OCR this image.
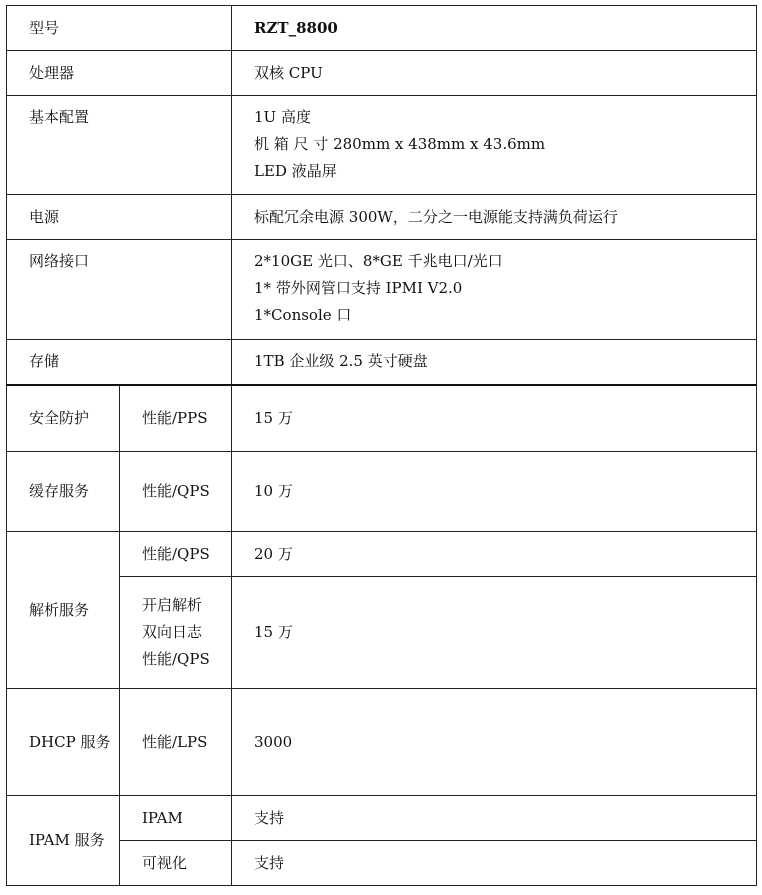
型号		RZT_8800
处理器		双核 CPU
基本配置		1U 高度
机 箱 尺 寸 280mm x 438mm x 43.6mm
LED 液晶屏

电源		标配冗余电源 300W，二分之一电源能支持满负荷运行
网络接口		2*10GE 光口、8*GE 千兆电口/光口
1* 带外网管口支持 IPMI V2.0
1*Console 口

存储		1TB 企业级 2.5 英寸硬盘
安全防护	性能/PPS	15 万
缓存服务	性能/QPS	10 万
解析服务	性能/QPS	20 万

	开启解析
双向日志
性能/QPS	15 万
DHCP 服务	性能/LPS	3000
IPAM 服务	IPAM	支持
	可视化	支持
